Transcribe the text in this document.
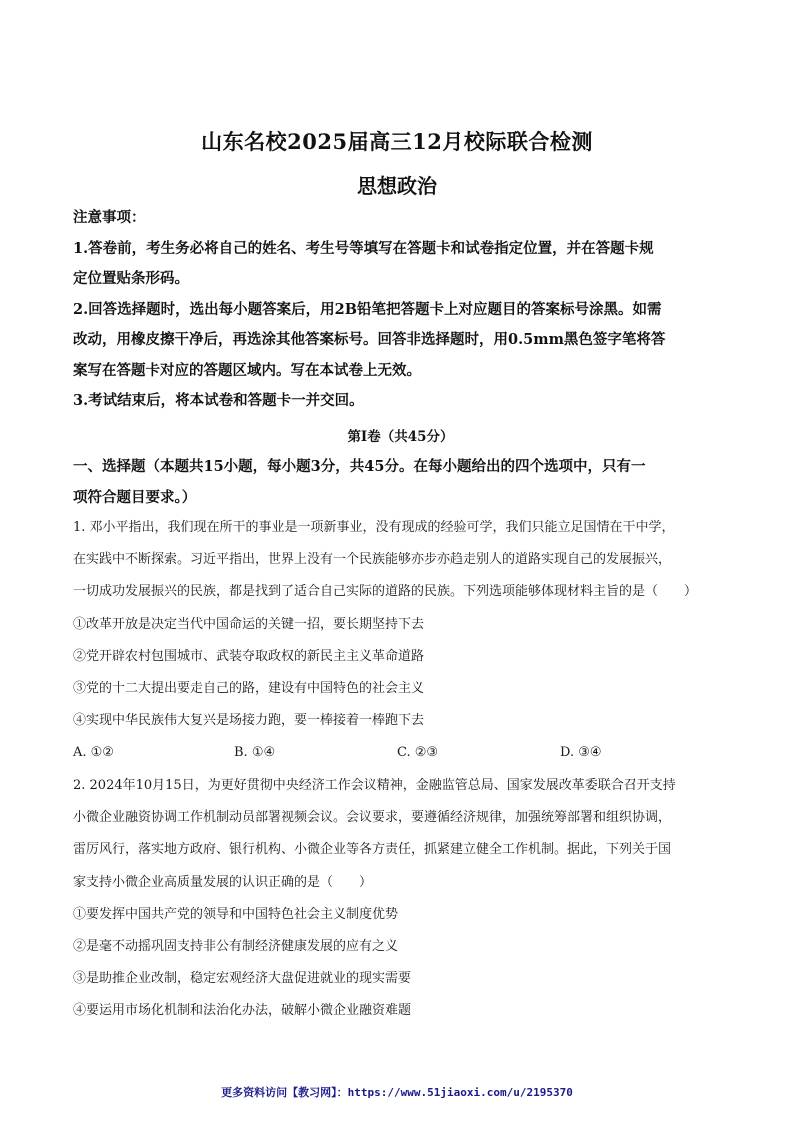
山东名校2025届高三12月校际联合检测
思想政治
注意事项：
1.答卷前，考生务必将自己的姓名、考生号等填写在答题卡和试卷指定位置，并在答题卡规
定位置贴条形码。
2.回答选择题时，选出每小题答案后，用2B铅笔把答题卡上对应题目的答案标号涂黑。如需
改动，用橡皮擦干净后，再选涂其他答案标号。回答非选择题时，用0.5mm黑色签字笔将答
案写在答题卡对应的答题区域内。写在本试卷上无效。
3.考试结束后，将本试卷和答题卡一并交回。
第Ⅰ卷（共45分）
一、选择题（本题共15小题，每小题3分，共45分。在每小题给出的四个选项中，只有一
项符合题目要求。）
1. 邓小平指出，我们现在所干的事业是一项新事业，没有现成的经验可学，我们只能立足国情在干中学，
在实践中不断探索。习近平指出，世界上没有一个民族能够亦步亦趋走别人的道路实现自己的发展振兴，
一切成功发展振兴的民族，都是找到了适合自己实际的道路的民族。下列选项能够体现材料主旨的是（　　）
①改革开放是决定当代中国命运的关键一招，要长期坚持下去
②党开辟农村包围城市、武装夺取政权的新民主主义革命道路
③党的十二大提出要走自己的路，建设有中国特色的社会主义
④实现中华民族伟大复兴是场接力跑，要一棒接着一棒跑下去
A. ①②	B. ①④	C. ②③	D. ③④
2. 2024年10月15日，为更好贯彻中央经济工作会议精神，金融监管总局、国家发展改革委联合召开支持
小微企业融资协调工作机制动员部署视频会议。会议要求，要遵循经济规律，加强统筹部署和组织协调，
雷厉风行，落实地方政府、银行机构、小微企业等各方责任，抓紧建立健全工作机制。据此，下列关于国
家支持小微企业高质量发展的认识正确的是（　　）
①要发挥中国共产党的领导和中国特色社会主义制度优势
②是毫不动摇巩固支持非公有制经济健康发展的应有之义
③是助推企业改制，稳定宏观经济大盘促进就业的现实需要
④要运用市场化机制和法治化办法，破解小微企业融资难题
更多资料访问【教习网】：https://www.51jiaoxi.com/u/2195370
